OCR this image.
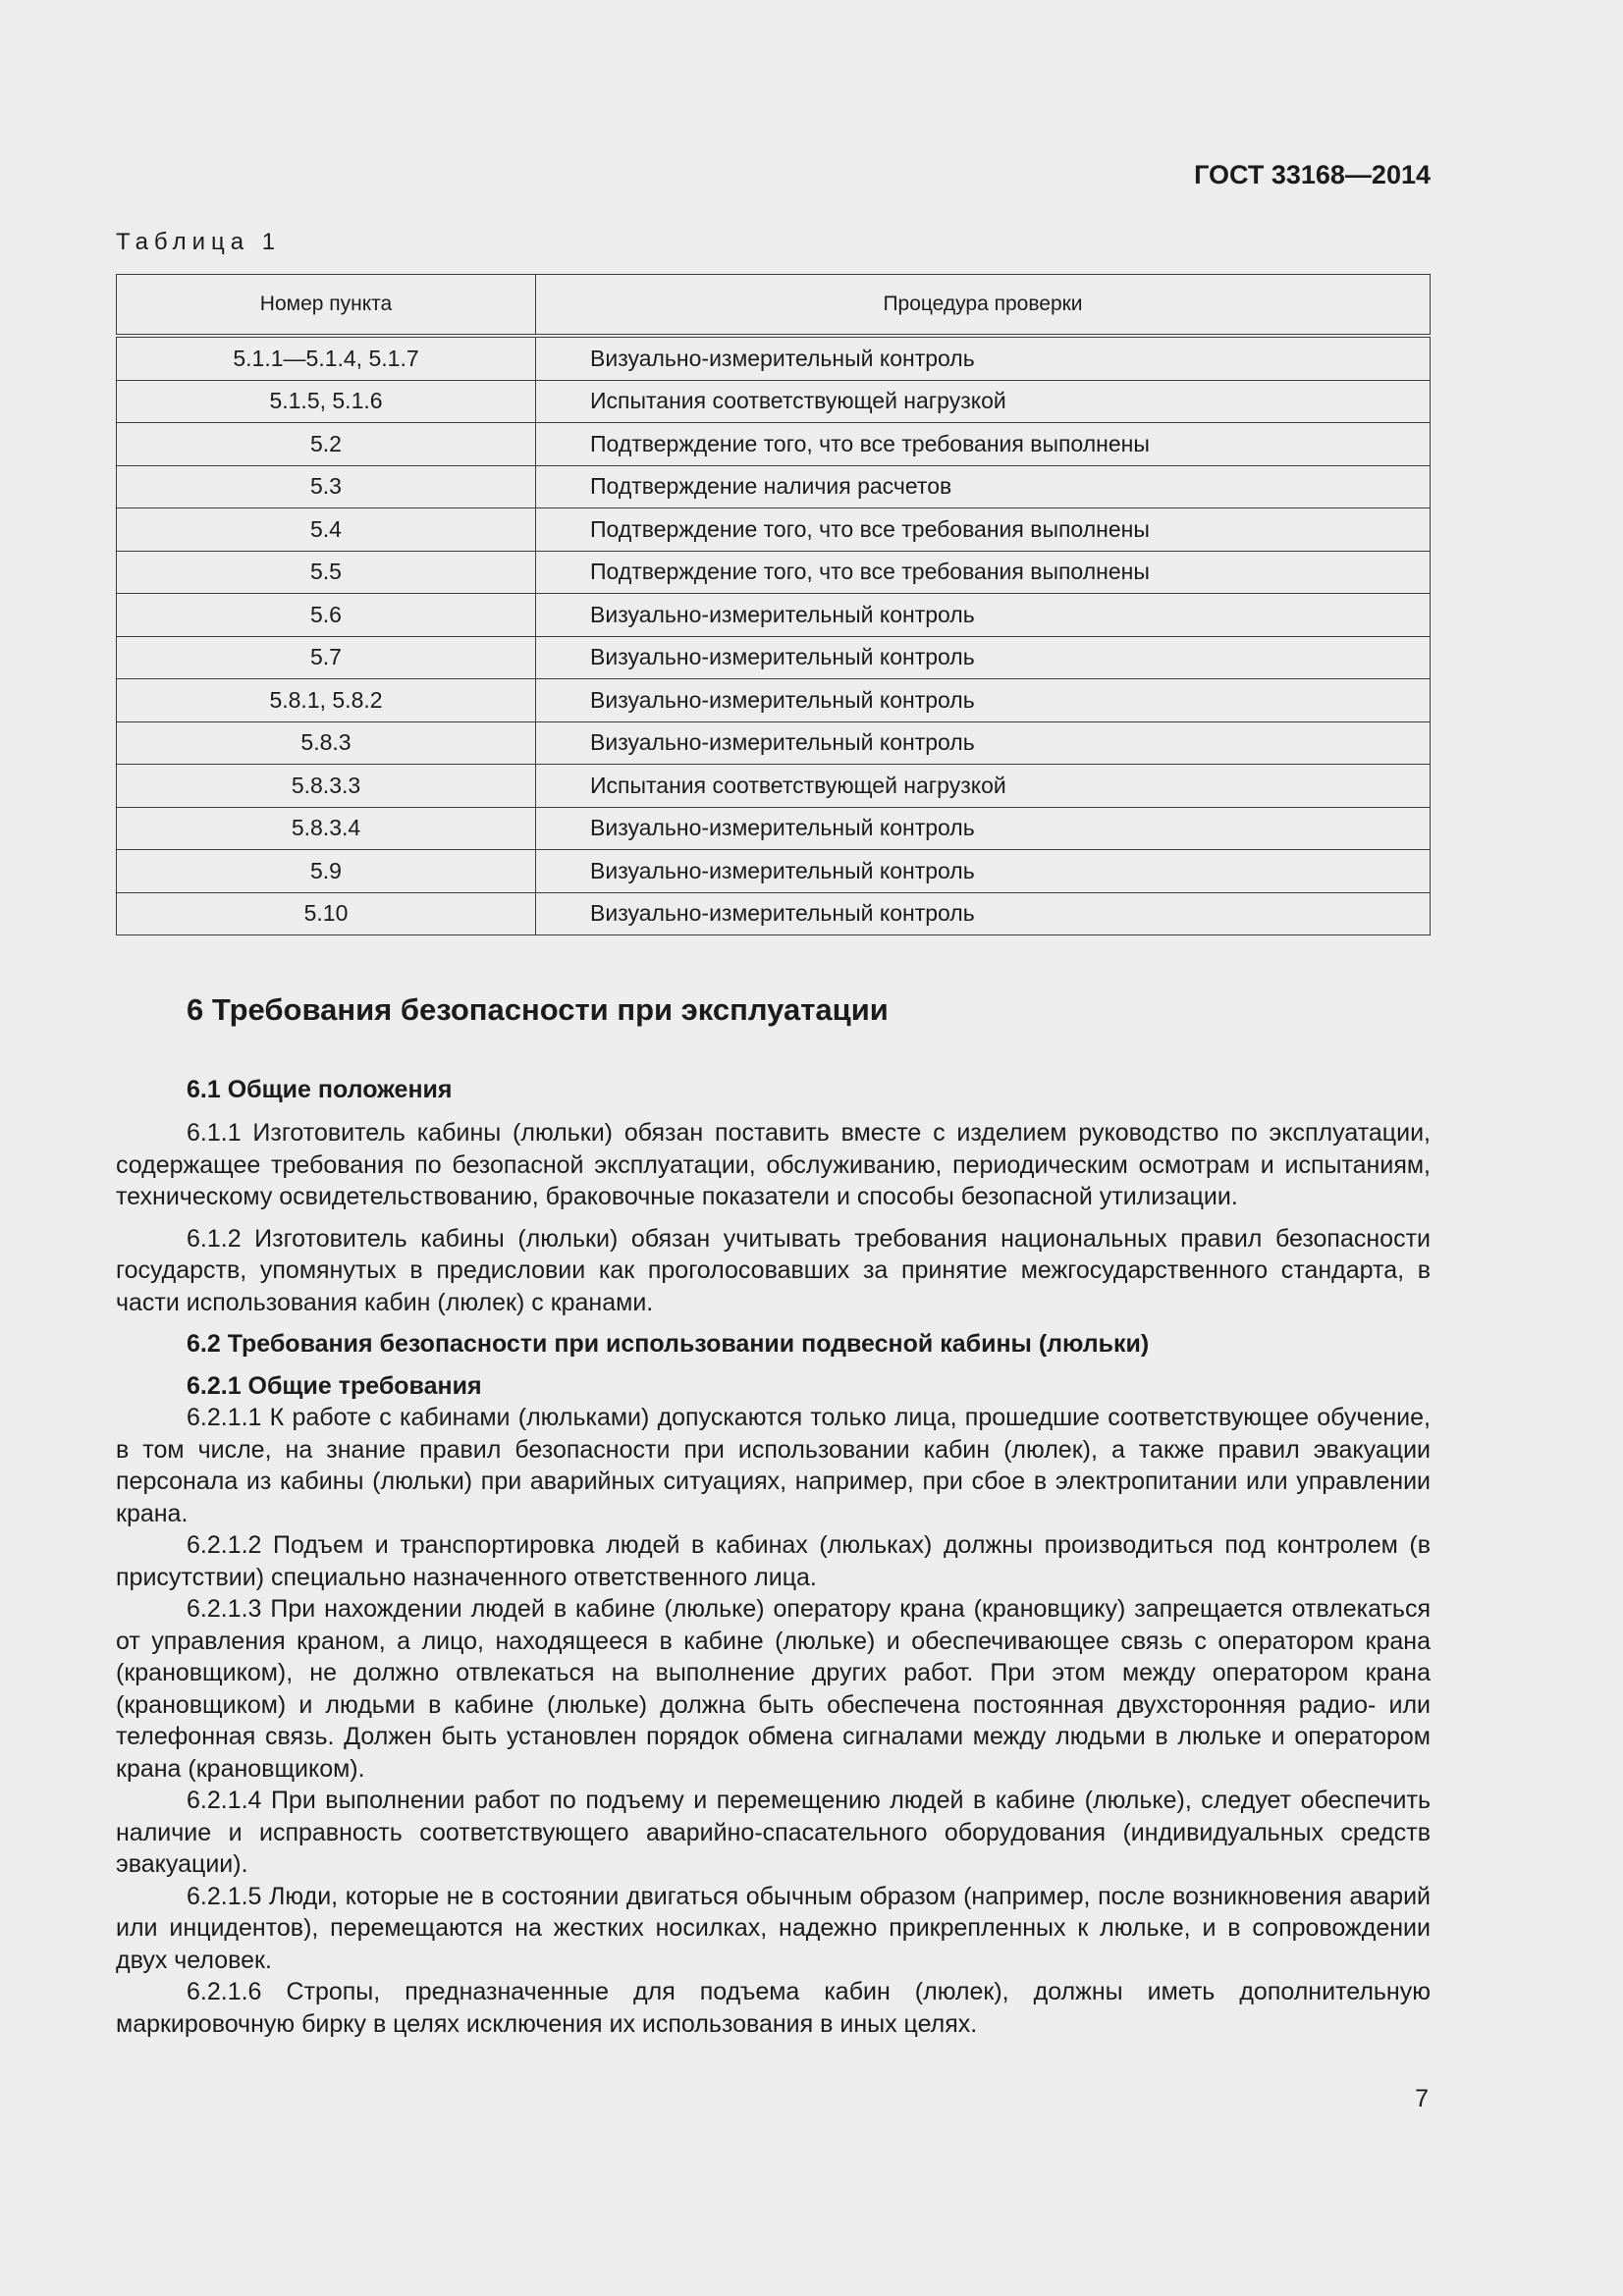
ГОСТ 33168—2014
Таблица 1
Номер пункта	Процедура проверки
5.1.1—5.1.4, 5.1.7	Визуально-измерительный контроль
5.1.5, 5.1.6	Испытания соответствующей нагрузкой
5.2	Подтверждение того, что все требования выполнены
5.3	Подтверждение наличия расчетов
5.4	Подтверждение того, что все требования выполнены
5.5	Подтверждение того, что все требования выполнены
5.6	Визуально-измерительный контроль
5.7	Визуально-измерительный контроль
5.8.1, 5.8.2	Визуально-измерительный контроль
5.8.3	Визуально-измерительный контроль
5.8.3.3	Испытания соответствующей нагрузкой
5.8.3.4	Визуально-измерительный контроль
5.9	Визуально-измерительный контроль
5.10	Визуально-измерительный контроль
6 Требования безопасности при эксплуатации
6.1 Общие положения

6.1.1 Изготовитель кабины (люльки) обязан поставить вместе с изделием руководство по эксплуатации, содержащее требования по безопасной эксплуатации, обслуживанию, периодическим осмотрам и испытаниям, техническому освидетельствованию, браковочные показатели и способы безопасной утилизации.

6.1.2 Изготовитель кабины (люльки) обязан учитывать требования национальных правил безопасности государств, упомянутых в предисловии как проголосовавших за принятие межгосударственного стандарта, в части использования кабин (люлек) с кранами.

6.2 Требования безопасности при использовании подвесной кабины (люльки)

6.2.1 Общие требования

6.2.1.1 К работе с кабинами (люльками) допускаются только лица, прошедшие соответствующее обучение, в том числе, на знание правил безопасности при использовании кабин (люлек), а также правил эвакуации персонала из кабины (люльки) при аварийных ситуациях, например, при сбое в электропитании или управлении крана.

6.2.1.2 Подъем и транспортировка людей в кабинах (люльках) должны производиться под контролем (в присутствии) специально назначенного ответственного лица.

6.2.1.3 При нахождении людей в кабине (люльке) оператору крана (крановщику) запрещается отвлекаться от управления краном, а лицо, находящееся в кабине (люльке) и обеспечивающее связь с оператором крана (крановщиком), не должно отвлекаться на выполнение других работ. При этом между оператором крана (крановщиком) и людьми в кабине (люльке) должна быть обеспечена постоянная двухсторонняя радио- или телефонная связь. Должен быть установлен порядок обмена сигналами между людьми в люльке и оператором крана (крановщиком).

6.2.1.4 При выполнении работ по подъему и перемещению людей в кабине (люльке), следует обеспечить наличие и исправность соответствующего аварийно-спасательного оборудования (индивидуальных средств эвакуации).

6.2.1.5 Люди, которые не в состоянии двигаться обычным образом (например, после возникновения аварий или инцидентов), перемещаются на жестких носилках, надежно прикрепленных к люльке, и в сопровождении двух человек.

6.2.1.6 Стропы, предназначенные для подъема кабин (люлек), должны иметь дополнительную маркировочную бирку в целях исключения их использования в иных целях.

7
